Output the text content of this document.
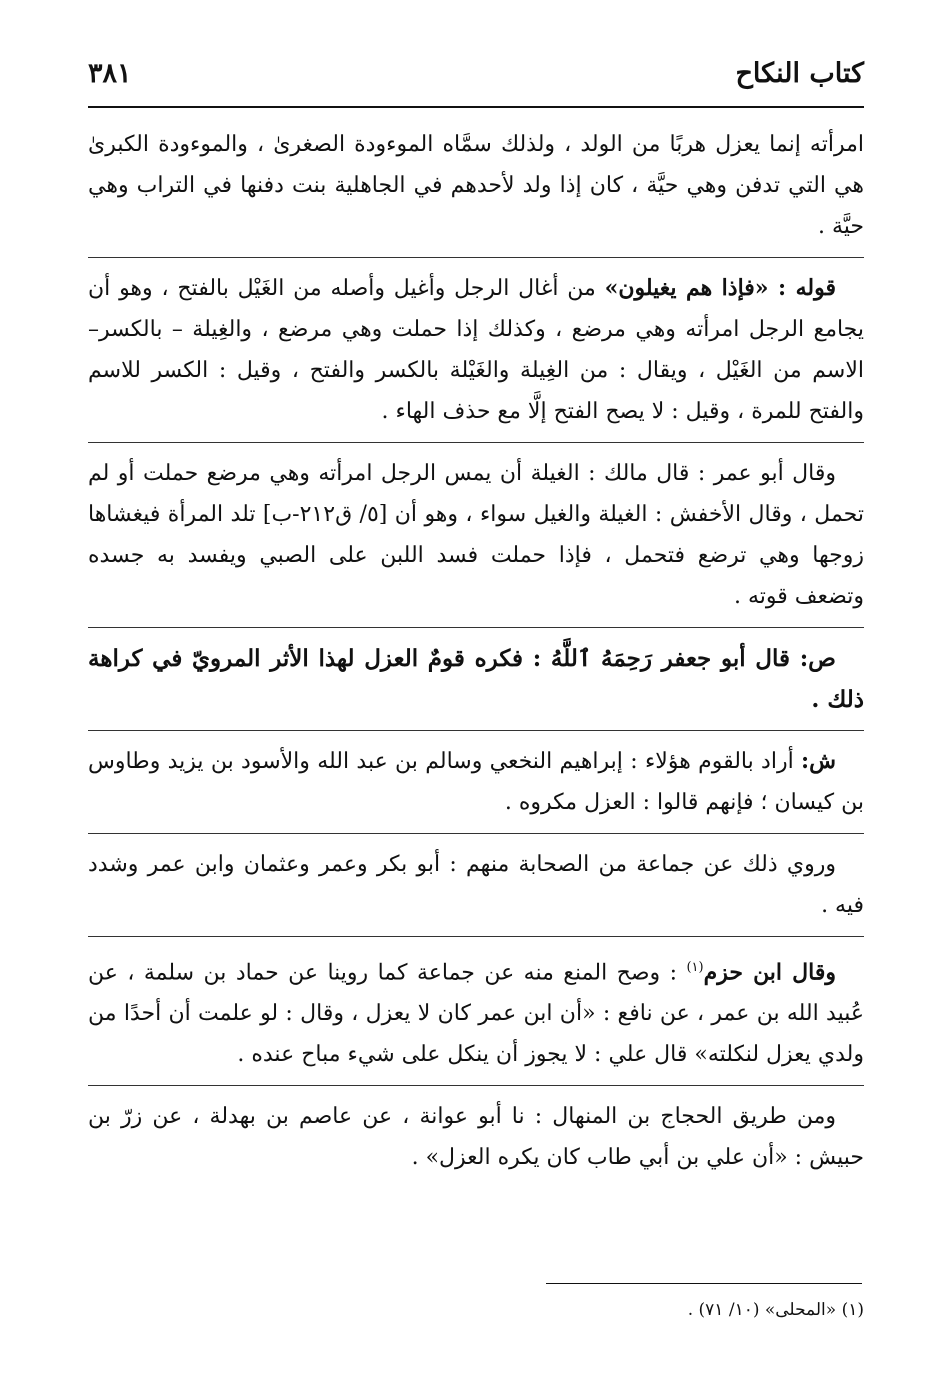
كتاب النكاح
٣٨١

امرأته إنما يعزل هربًا من الولد ، ولذلك سمَّاه الموءودة الصغرىٰ ، والموءودة الكبرىٰ هي التي تدفن وهي حيَّة ، كان إذا ولد لأحدهم في الجاهلية بنت دفنها في التراب وهي حيَّة .

قوله : «فإذا هم يغيلون» من أغال الرجل وأغيل وأصله من الغَيْل بالفتح ، وهو أن يجامع الرجل امرأته وهي مرضع ، وكذلك إذا حملت وهي مرضع ، والغِيلة – بالكسر– الاسم من الغَيْل ، ويقال : من الغِيلة والغَيْلة بالكسر والفتح ، وقيل : الكسر للاسم والفتح للمرة ، وقيل : لا يصح الفتح إلَّا مع حذف الهاء .

وقال أبو عمر : قال مالك : الغيلة أن يمس الرجل امرأته وهي مرضع حملت أو لم تحمل ، وقال الأخفش : الغيلة والغيل سواء ، وهو أن [٥/ ق٢١٢-ب] تلد المرأة فيغشاها زوجها وهي ترضع فتحمل ، فإذا حملت فسد اللبن على الصبي ويفسد به جسده وتضعف قوته .

ص: قال أبو جعفر رَحِمَهُ ٱللَّهُ : فكره قومٌ العزل لهذا الأثر المرويّ في كراهة ذلك .

ش: أراد بالقوم هؤلاء : إبراهيم النخعي وسالم بن عبد الله والأسود بن يزيد وطاوس بن كيسان ؛ فإنهم قالوا : العزل مكروه .

وروي ذلك عن جماعة من الصحابة منهم : أبو بكر وعمر وعثمان وابن عمر وشدد فيه .

وقال ابن حزم$^{(١)}$ : وصح المنع منه عن جماعة كما روينا عن حماد بن سلمة ، عن عُبيد الله بن عمر ، عن نافع : «أن ابن عمر كان لا يعزل ، وقال : لو علمت أن أحدًا من ولدي يعزل لنكلته» قال علي : لا يجوز أن ينكل على شيء مباح عنده .

ومن طريق الحجاج بن المنهال : نا أبو عوانة ، عن عاصم بن بهدلة ، عن زرّ بن حبيش : «أن علي بن أبي طاب كان يكره العزل» .

(١) «المحلى» (١٠/ ٧١) .
